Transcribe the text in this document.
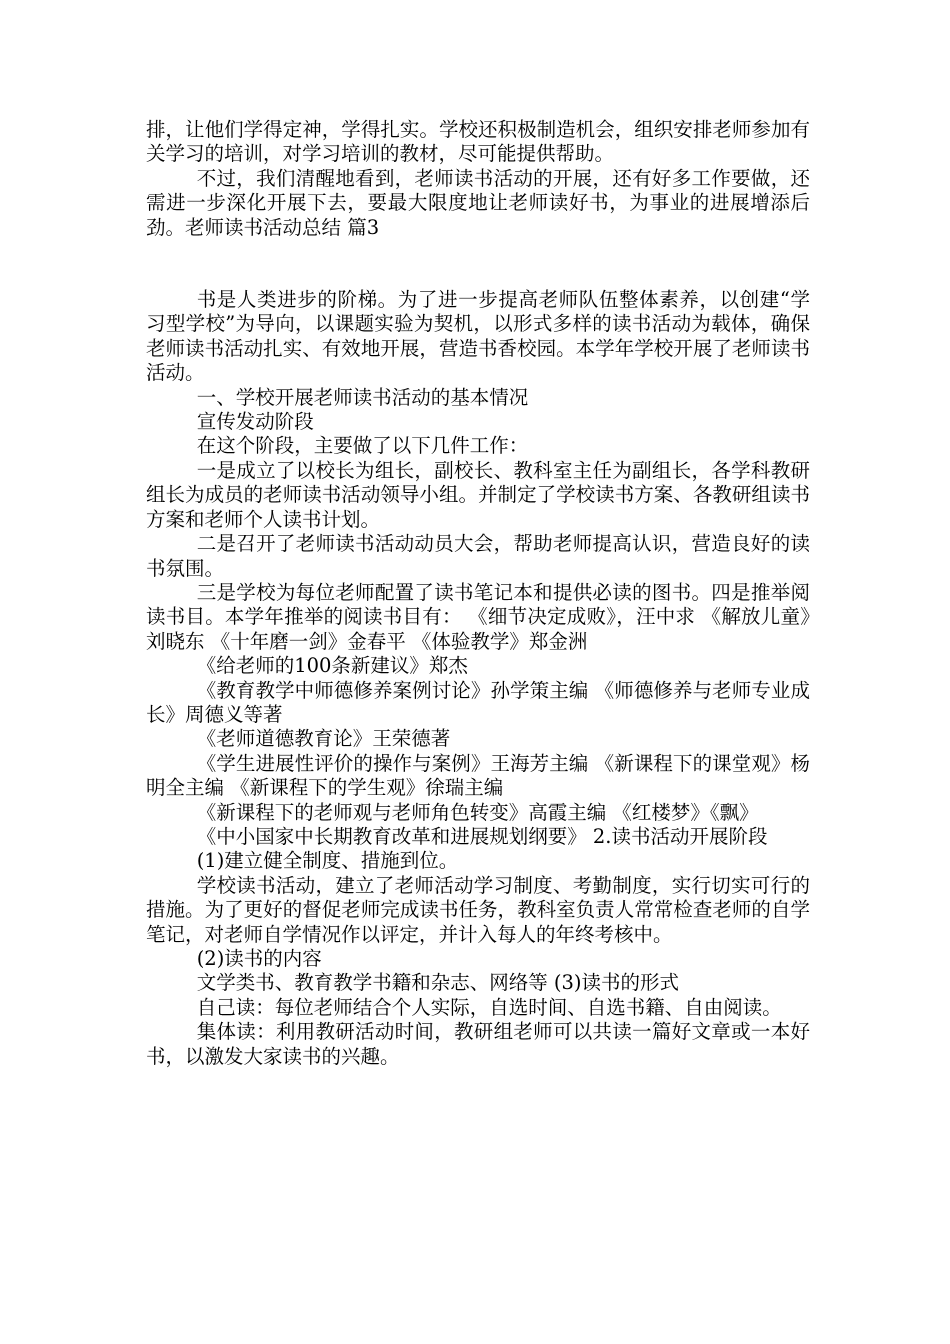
排，让他们学得定神，学得扎实。学校还积极制造机会，组织安排老师参加有关学习的培训，对学习培训的教材，尽可能提供帮助。

不过，我们清醒地看到，老师读书活动的开展，还有好多工作要做，还需进一步深化开展下去，要最大限度地让老师读好书，为事业的进展增添后劲。老师读书活动总结 篇3

书是人类进步的阶梯。为了进一步提高老师队伍整体素养，以创建“学习型学校”为导向，以课题实验为契机，以形式多样的读书活动为载体，确保老师读书活动扎实、有效地开展，营造书香校园。本学年学校开展了老师读书活动。

一、学校开展老师读书活动的基本情况

宣传发动阶段

在这个阶段，主要做了以下几件工作：

一是成立了以校长为组长，副校长、教科室主任为副组长，各学科教研组长为成员的老师读书活动领导小组。并制定了学校读书方案、各教研组读书方案和老师个人读书计划。

二是召开了老师读书活动动员大会，帮助老师提高认识，营造良好的读书氛围。

三是学校为每位老师配置了读书笔记本和提供必读的图书。四是推举阅读书目。本学年推举的阅读书目有： 《细节决定成败》，汪中求 《解放儿童》刘晓东 《十年磨一剑》金春平 《体验教学》郑金洲

《给老师的100条新建议》郑杰

《教育教学中师德修养案例讨论》孙学策主编 《师德修养与老师专业成长》周德义等著

《老师道德教育论》王荣德著

《学生进展性评价的操作与案例》王海芳主编 《新课程下的课堂观》杨明全主编 《新课程下的学生观》徐瑞主编

《新课程下的老师观与老师角色转变》高霞主编 《红楼梦》《飘》

《中小国家中长期教育改革和进展规划纲要》 2.读书活动开展阶段

(1)建立健全制度、措施到位。

学校读书活动，建立了老师活动学习制度、考勤制度，实行切实可行的措施。为了更好的督促老师完成读书任务，教科室负责人常常检查老师的自学笔记，对老师自学情况作以评定，并计入每人的年终考核中。

(2)读书的内容

文学类书、教育教学书籍和杂志、网络等 (3)读书的形式

自己读：每位老师结合个人实际，自选时间、自选书籍、自由阅读。

集体读：利用教研活动时间，教研组老师可以共读一篇好文章或一本好书，以激发大家读书的兴趣。
